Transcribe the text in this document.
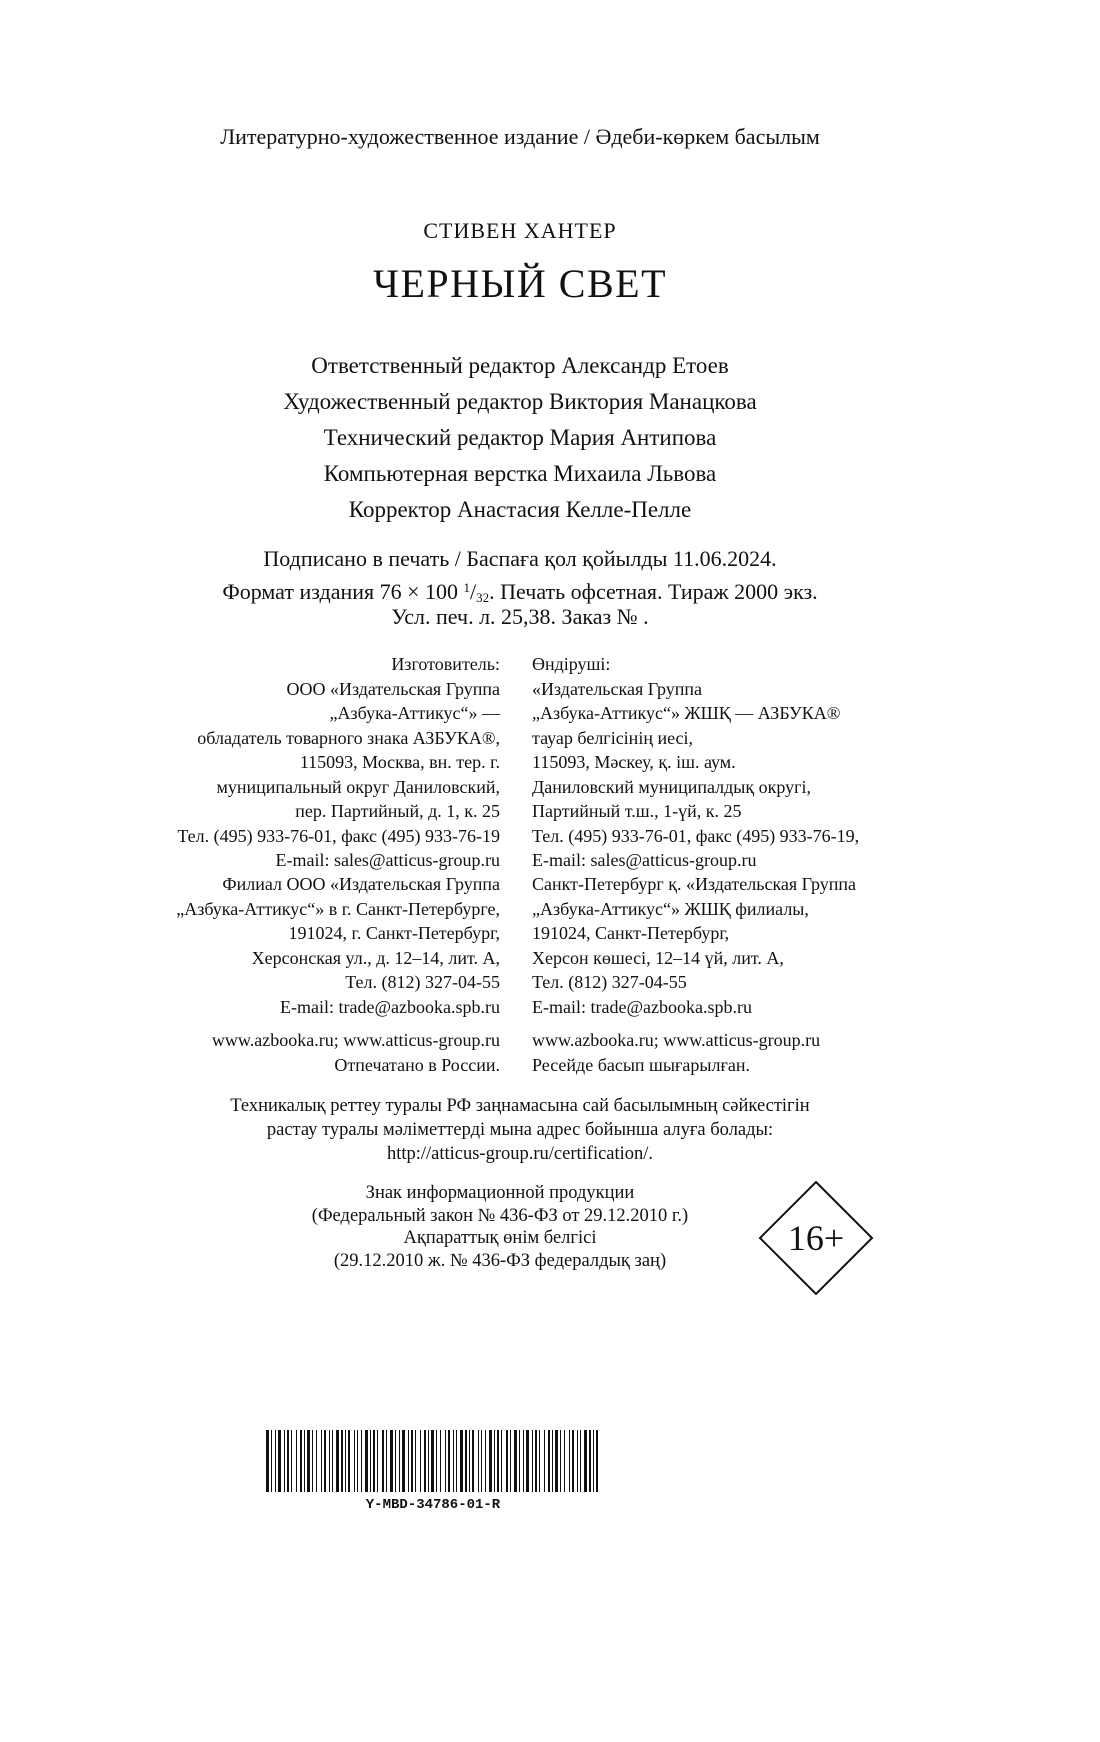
Литературно-художественное издание / Әдеби-көркем басылым
СТИВЕН ХАНТЕР
ЧЕРНЫЙ СВЕТ
Ответственный редактор Александр Етоев
Художественный редактор Виктория Манацкова
Технический редактор Мария Антипова
Компьютерная верстка Михаила Львова
Корректор Анастасия Келле-Пелле
Подписано в печать / Баспаға қол қойылды 11.06.2024.
Формат издания 76 × 100 $^1/_{32}$. Печать офсетная. Тираж 2000 экз.
Усл. печ. л. 25,38. Заказ № .
Изготовитель:
ООО «Издательская Группа
„Азбука-Аттикус“» —
обладатель товарного знака АЗБУКА®,
115093, Москва, вн. тер. г.
муниципальный округ Даниловский,
пер. Партийный, д. 1, к. 25
Тел. (495) 933-76-01, факс (495) 933-76-19
E-mail: sales@atticus-group.ru
Өндіруші:
«Издательская Группа
„Азбука-Аттикус“» ЖШҚ — АЗБУКА®
тауар белгісінің иесі,
115093, Мәскеу, қ. іш. аум.
Даниловский муниципалдық округі,
Партийный т.ш., 1-үй, к. 25
Тел. (495) 933-76-01, факс (495) 933-76-19,
E-mail: sales@atticus-group.ru
Филиал ООО «Издательская Группа
„Азбука-Аттикус“» в г. Санкт-Петербурге,
191024, г. Санкт-Петербург,
Херсонская ул., д. 12–14, лит. А,
Тел. (812) 327-04-55
E-mail: trade@azbooka.spb.ru
Санкт-Петербург қ. «Издательская Группа
„Азбука-Аттикус“» ЖШҚ филиалы,
191024, Санкт-Петербург,
Херсон көшесі, 12–14 үй, лит. А,
Тел. (812) 327-04-55
E-mail: trade@azbooka.spb.ru
www.azbooka.ru; www.atticus-group.ru
Отпечатано в России.
www.azbooka.ru; www.atticus-group.ru
Ресейде басып шығарылған.
Техникалық реттеу туралы РФ заңнамасына сай басылымның сәйкестігін
растау туралы мәліметтерді мына адрес бойынша алуға болады:
http://atticus-group.ru/certification/.
Знак информационной продукции
(Федеральный закон № 436-ФЗ от 29.12.2010 г.)
Ақпараттық өнім белгісі
(29.12.2010 ж. № 436-ФЗ федералдық заң)
16+
Y-MBD-34786-01-R
